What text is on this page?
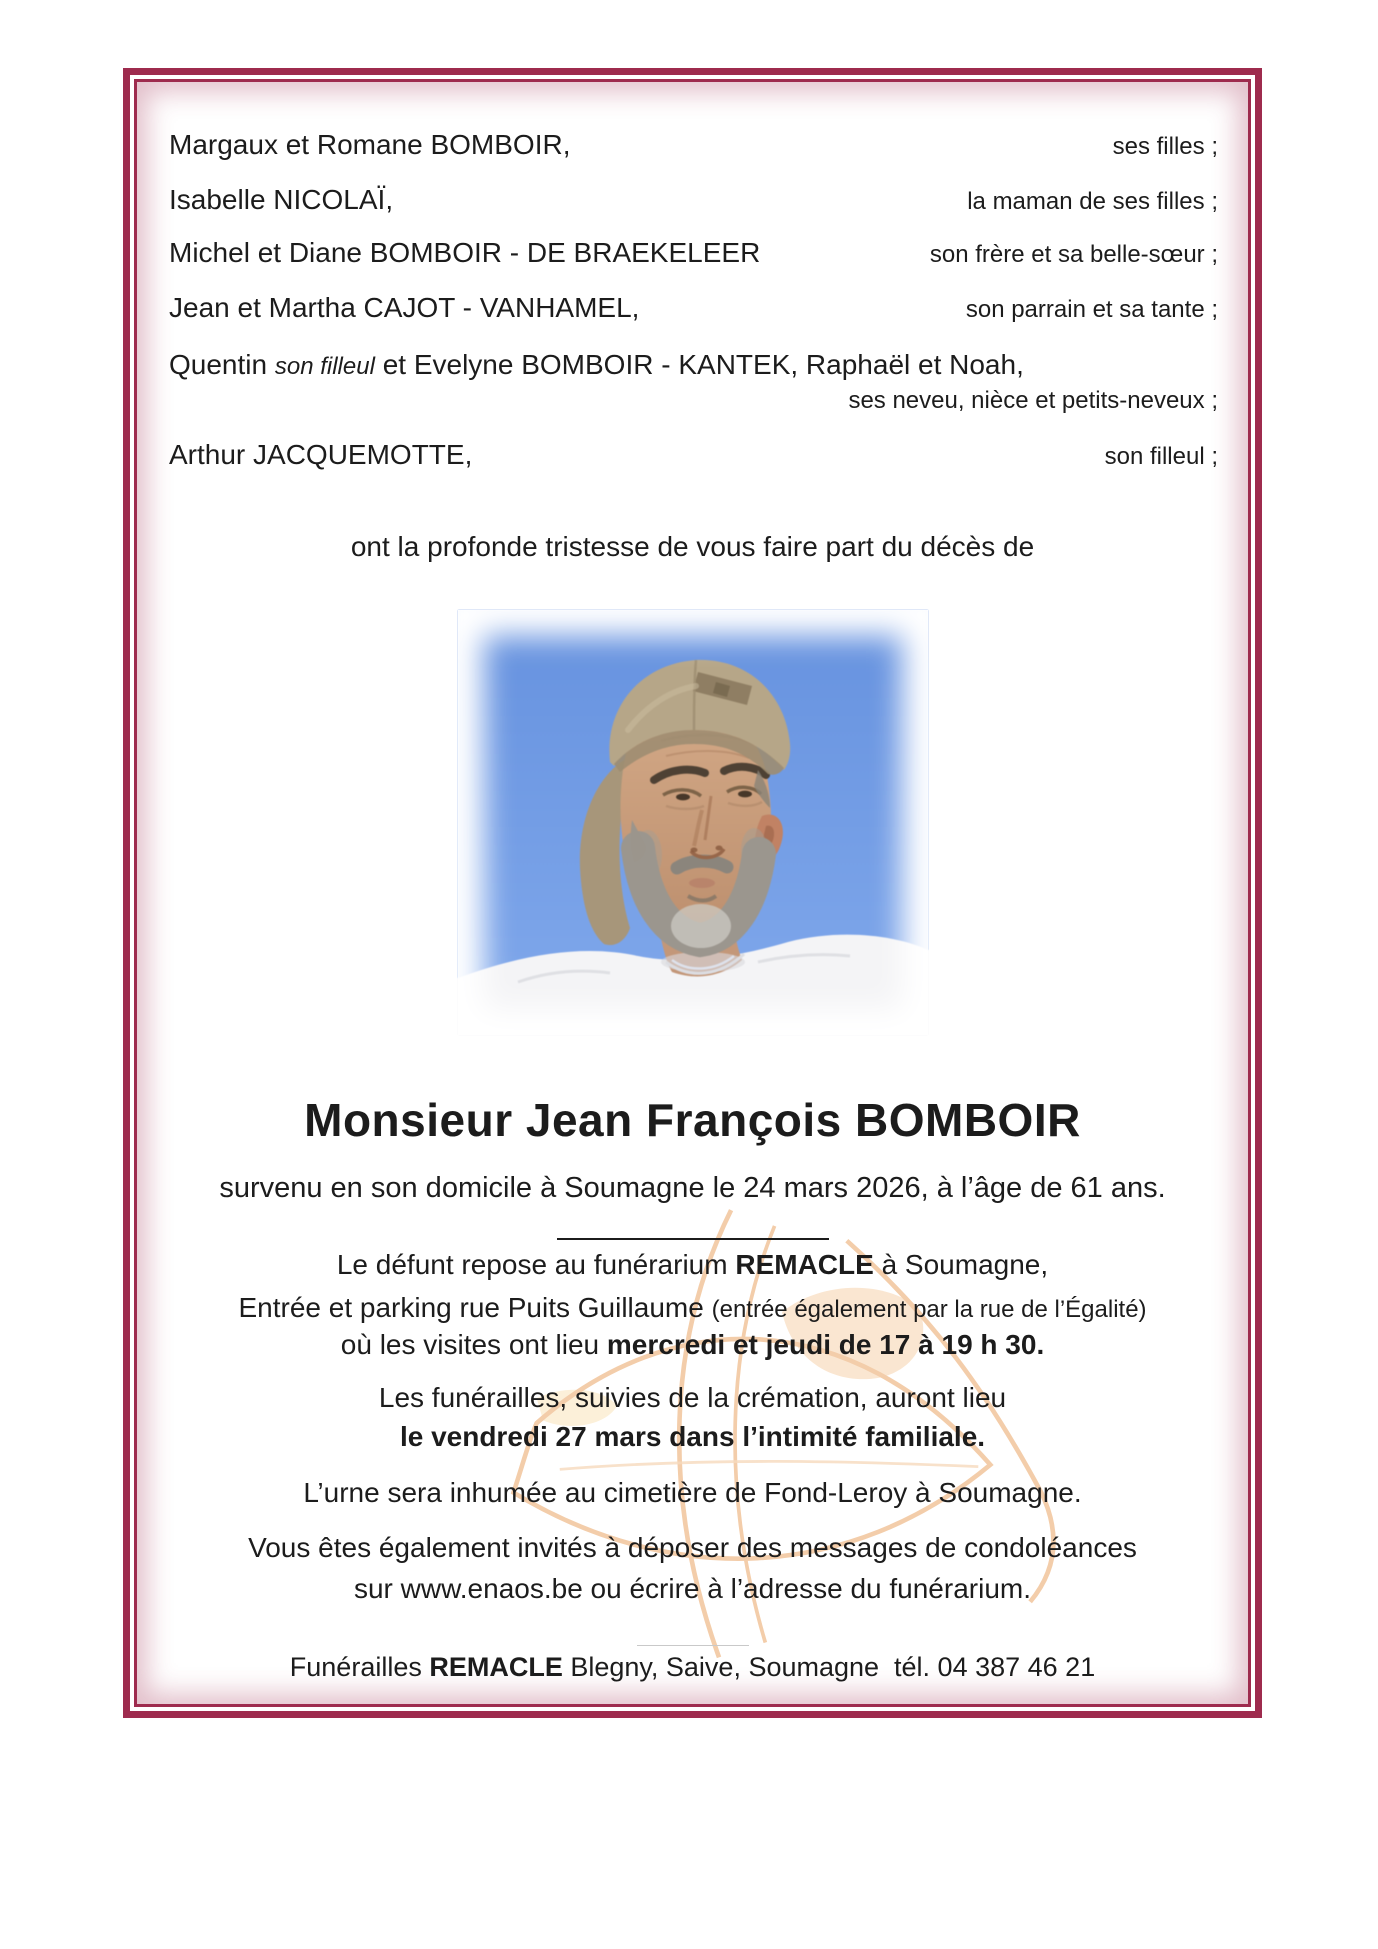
Margaux et Romane BOMBOIR,	ses filles ;
Isabelle NICOLAÏ,	la maman de ses filles ;
Michel et Diane BOMBOIR - DE BRAEKELEER	son frère et sa belle-sœur ;
Jean et Martha CAJOT - VANHAMEL,	son parrain et sa tante ;
Quentin son filleul et Evelyne BOMBOIR - KANTEK, Raphaël et Noah,
ses neveu, nièce et petits-neveux ;
Arthur JACQUEMOTTE,	son filleul ;
ont la profonde tristesse de vous faire part du décès de
Monsieur Jean François BOMBOIR
survenu en son domicile à Soumagne le 24 mars 2026, à l’âge de 61 ans.
Le défunt repose au funérarium REMACLE à Soumagne,
Entrée et parking rue Puits Guillaume (entrée également par la rue de l’Égalité)
où les visites ont lieu mercredi et jeudi de 17 à 19 h 30.
Les funérailles, suivies de la crémation, auront lieu
le vendredi 27 mars dans l’intimité familiale.
L’urne sera inhumée au cimetière de Fond-Leroy à Soumagne.
Vous êtes également invités à déposer des messages de condoléances
sur www.enaos.be ou écrire à l’adresse du funérarium.
Funérailles REMACLE Blegny, Saive, Soumagne  tél. 04 387 46 21
